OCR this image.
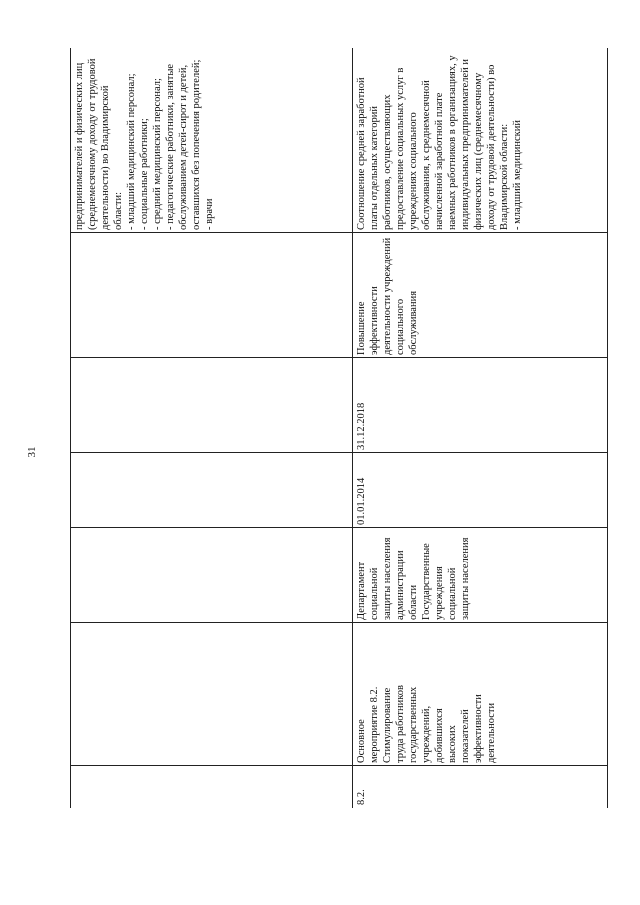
31
предпринимателей и физических лиц (среднемесячному доходу от трудовой деятельности) во Владимирской области: - младший медицинский персонал; - социальные работники; - средний медицинский персонал; - педагогические работники, занятые обслуживанием детей-сирот и детей, оставшихся без попечения родителей; - врачи
8.2.
Основное мероприятие 8.2. Стимулирование труда работников государственных учреждений, добившихся высоких показателей эффективности деятельности
Департамент социальной защиты населения администрации области Государственные учреждения социальной защиты населения
01.01.2014
31.12.2018
Повышение эффективности деятельности учреждений социального обслуживания
Соотношение средней заработной платы отдельных категорий работников, осуществляющих предоставление социальных услуг в учреждениях социального обслуживания, к среднемесячной начисленной заработной плате наемных работников в организациях, у индивидуальных предпринимателей и физических лиц (среднемесячному доходу от трудовой деятельности) во Владимирской области: - младший медицинский
